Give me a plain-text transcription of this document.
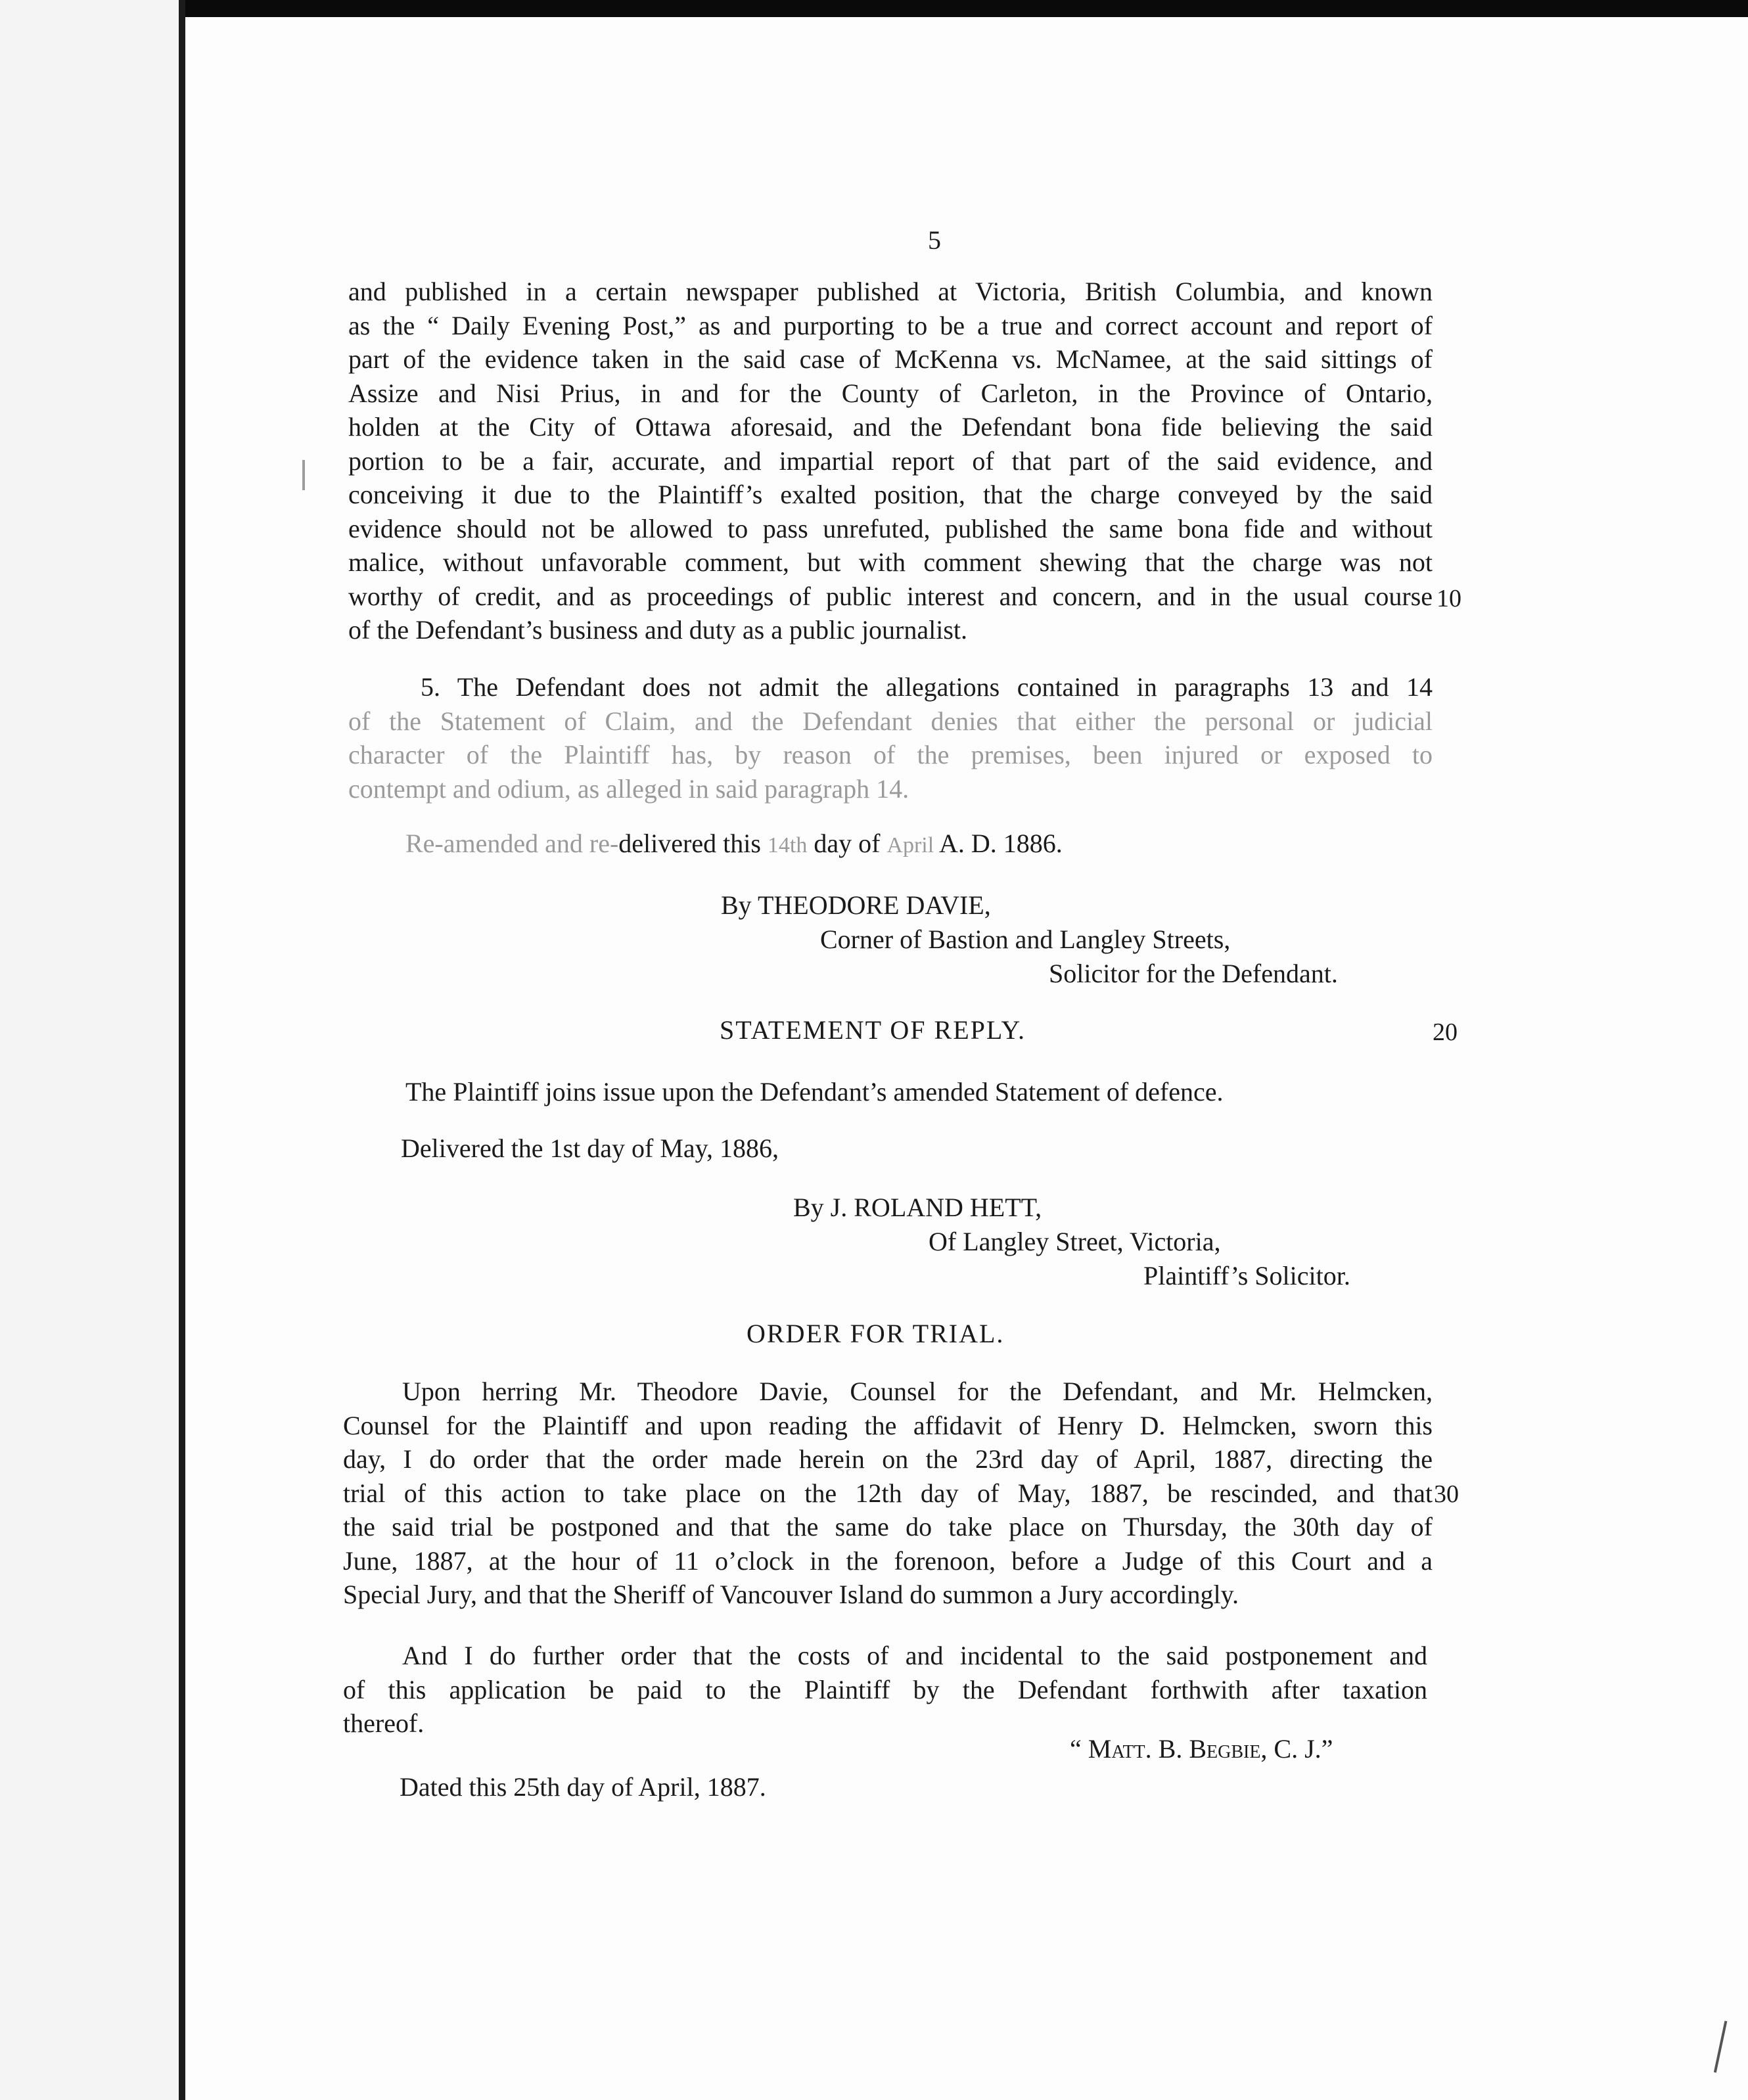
5
and published in a certain newspaper published at Victoria, British Columbia, and known
as the “ Daily Evening Post,” as and purporting to be a true and correct account and report of
part of the evidence taken in the said case of McKenna vs. McNamee, at the said sittings of
Assize and Nisi Prius, in and for the County of Carleton, in the Province of Ontario,
holden at the City of Ottawa aforesaid, and the Defendant bona fide believing the said
portion to be a fair, accurate, and impartial report of that part of the said evidence, and
conceiving it due to the Plaintiff’s exalted position, that the charge conveyed by the said
evidence should not be allowed to pass unrefuted, published the same bona fide and without
malice, without unfavorable comment, but with comment shewing that the charge was not
worthy of credit, and as proceedings of public interest and concern, and in the usual course
of the Defendant’s business and duty as a public journalist.
10
5. The Defendant does not admit the allegations contained in paragraphs 13 and 14
of the Statement of Claim, and the Defendant denies that either the personal or judicial
character of the Plaintiff has, by reason of the premises, been injured or exposed to
contempt and odium, as alleged in said paragraph 14.
Re-amended and re-delivered this 14th day of April A. D. 1886.
By THEODORE DAVIE,
Corner of Bastion and Langley Streets,
Solicitor for the Defendant.
STATEMENT OF REPLY.	20
The Plaintiff joins issue upon the Defendant’s amended Statement of defence.
Delivered the 1st day of May, 1886,
By J. ROLAND HETT,
Of Langley Street, Victoria,
Plaintiff’s Solicitor.
ORDER FOR TRIAL.
Upon herring Mr. Theodore Davie, Counsel for the Defendant, and Mr. Helmcken,
Counsel for the Plaintiff and upon reading the affidavit of Henry D. Helmcken, sworn this
day, I do order that the order made herein on the 23rd day of April, 1887, directing the
trial of this action to take place on the 12th day of May, 1887, be rescinded, and that
the said trial be postponed and that the same do take place on Thursday, the 30th day of
June, 1887, at the hour of 11 o’clock in the forenoon, before a Judge of this Court and a
Special Jury, and that the Sheriff of Vancouver Island do summon a Jury accordingly.
30
And I do further order that the costs of and incidental to the said postponement and
of this application be paid to the Plaintiff by the Defendant forthwith after taxation
thereof.
“ Matt. B. Begbie, C. J.”
Dated this 25th day of April, 1887.
